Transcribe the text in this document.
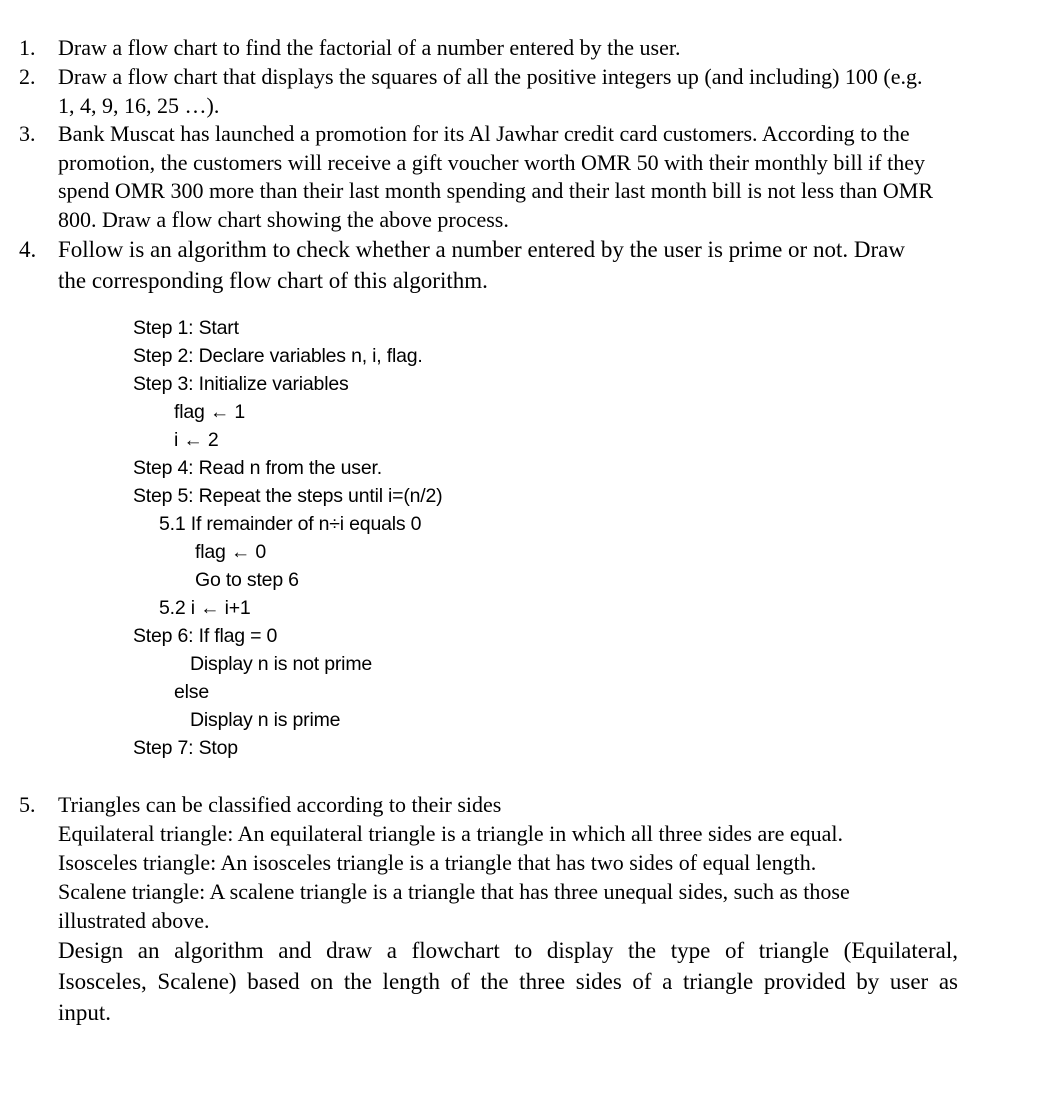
1. Draw a flow chart to find the factorial of a number entered by the user.
2. Draw a flow chart that displays the squares of all the positive integers up (and including) 100 (e.g.
1, 4, 9, 16, 25 …).
3. Bank Muscat has launched a promotion for its Al Jawhar credit card customers. According to the
promotion, the customers will receive a gift voucher worth OMR 50 with their monthly bill if they
spend OMR 300 more than their last month spending and their last month bill is not less than OMR
800. Draw a flow chart showing the above process.
4. Follow is an algorithm to check whether a number entered by the user is prime or not. Draw
the corresponding flow chart of this algorithm.
Step 1: Start
Step 2: Declare variables n, i, flag.
Step 3: Initialize variables
flag ← 1
i ← 2
Step 4: Read n from the user.
Step 5: Repeat the steps until i=(n/2)
5.1 If remainder of n÷i equals 0
flag ← 0
Go to step 6
5.2 i ← i+1
Step 6: If flag = 0
Display n is not prime
else
Display n is prime
Step 7: Stop
5. Triangles can be classified according to their sides
Equilateral triangle: An equilateral triangle is a triangle in which all three sides are equal.
Isosceles triangle: An isosceles triangle is a triangle that has two sides of equal length.
Scalene triangle: A scalene triangle is a triangle that has three unequal sides, such as those
illustrated above.
Design an algorithm and draw a flowchart to display the type of triangle (Equilateral,
Isosceles, Scalene) based on the length of the three sides of a triangle provided by user as
input.
